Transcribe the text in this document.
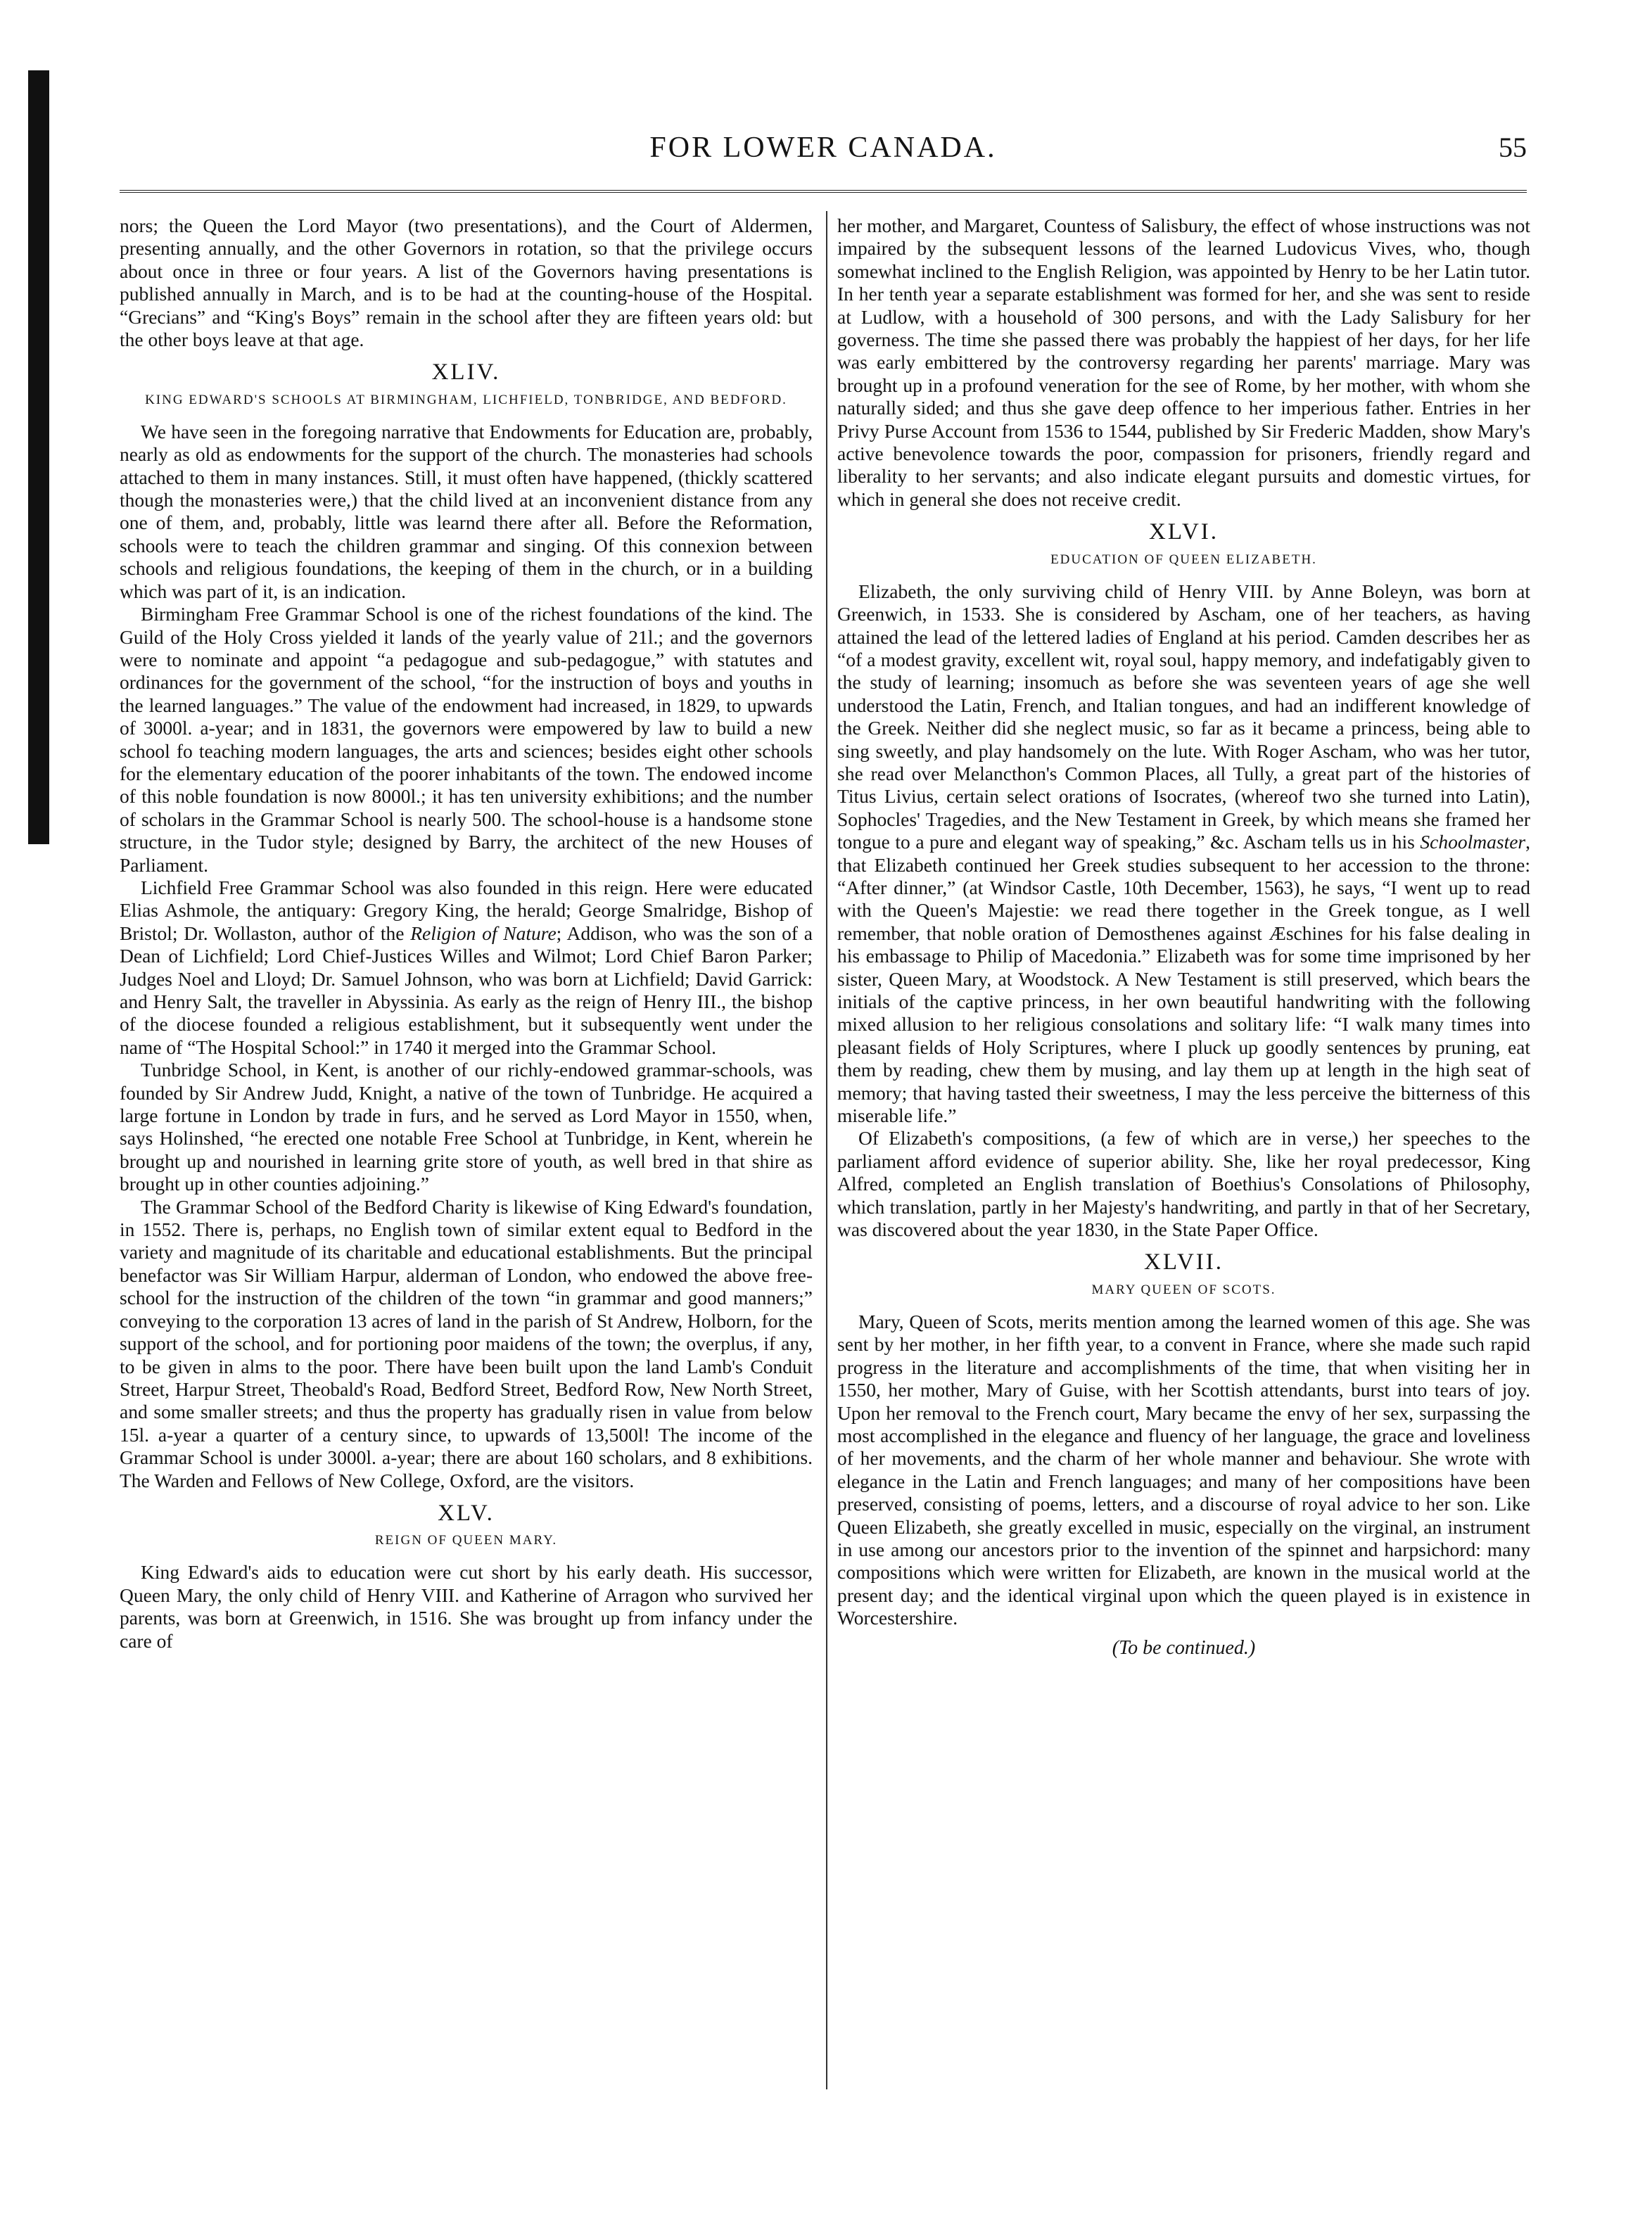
FOR LOWER CANADA.	55

nors; the Queen the Lord Mayor (two presentations), and the Court of Aldermen, presenting annually, and the other Governors in rotation, so that the privilege occurs about once in three or four years. A list of the Governors having presentations is published annually in March, and is to be had at the counting-house of the Hospital. “Grecians” and “King's Boys” remain in the school after they are fifteen years old: but the other boys leave at that age.

XLIV.
KING EDWARD'S SCHOOLS AT BIRMINGHAM, LICHFIELD, TONBRIDGE, AND BEDFORD.

We have seen in the foregoing narrative that Endowments for Education are, probably, nearly as old as endowments for the support of the church. The monasteries had schools attached to them in many instances. Still, it must often have happened, (thickly scattered though the monasteries were,) that the child lived at an inconvenient distance from any one of them, and, probably, little was learnd there after all. Before the Reformation, schools were to teach the children grammar and singing. Of this connexion between schools and religious foundations, the keeping of them in the church, or in a building which was part of it, is an indication.

Birmingham Free Grammar School is one of the richest foundations of the kind. The Guild of the Holy Cross yielded it lands of the yearly value of 21l.; and the governors were to nominate and appoint “a pedagogue and sub-pedagogue,” with statutes and ordinances for the government of the school, “for the instruction of boys and youths in the learned languages.” The value of the endowment had increased, in 1829, to upwards of 3000l. a-year; and in 1831, the governors were empowered by law to build a new school fo teaching modern languages, the arts and sciences; besides eight other schools for the elementary education of the poorer inhabitants of the town. The endowed income of this noble foundation is now 8000l.; it has ten university exhibitions; and the number of scholars in the Grammar School is nearly 500. The school-house is a handsome stone structure, in the Tudor style; designed by Barry, the architect of the new Houses of Parliament.

Lichfield Free Grammar School was also founded in this reign. Here were educated Elias Ashmole, the antiquary: Gregory King, the herald; George Smalridge, Bishop of Bristol; Dr. Wollaston, author of the Religion of Nature; Addison, who was the son of a Dean of Lichfield; Lord Chief-Justices Willes and Wilmot; Lord Chief Baron Parker; Judges Noel and Lloyd; Dr. Samuel Johnson, who was born at Lichfield; David Garrick: and Henry Salt, the traveller in Abyssinia. As early as the reign of Henry III., the bishop of the diocese founded a religious establishment, but it subsequently went under the name of “The Hospital School:” in 1740 it merged into the Grammar School.

Tunbridge School, in Kent, is another of our richly-endowed grammar-schools, was founded by Sir Andrew Judd, Knight, a native of the town of Tunbridge. He acquired a large fortune in London by trade in furs, and he served as Lord Mayor in 1550, when, says Holinshed, “he erected one notable Free School at Tunbridge, in Kent, wherein he brought up and nourished in learning grite store of youth, as well bred in that shire as brought up in other counties adjoining.”

The Grammar School of the Bedford Charity is likewise of King Edward's foundation, in 1552. There is, perhaps, no English town of similar extent equal to Bedford in the variety and magnitude of its charitable and educational establishments. But the principal benefactor was Sir William Harpur, alderman of London, who endowed the above free-school for the instruction of the children of the town “in grammar and good manners;” conveying to the corporation 13 acres of land in the parish of St Andrew, Holborn, for the support of the school, and for portioning poor maidens of the town; the overplus, if any, to be given in alms to the poor. There have been built upon the land Lamb's Conduit Street, Harpur Street, Theobald's Road, Bedford Street, Bedford Row, New North Street, and some smaller streets; and thus the property has gradually risen in value from below 15l. a-year a quarter of a century since, to upwards of 13,500l! The income of the Grammar School is under 3000l. a-year; there are about 160 scholars, and 8 exhibitions. The Warden and Fellows of New College, Oxford, are the visitors.

XLV.
REIGN OF QUEEN MARY.

King Edward's aids to education were cut short by his early death. His successor, Queen Mary, the only child of Henry VIII. and Katherine of Arragon who survived her parents, was born at Greenwich, in 1516. She was brought up from infancy under the care of

her mother, and Margaret, Countess of Salisbury, the effect of whose instructions was not impaired by the subsequent lessons of the learned Ludovicus Vives, who, though somewhat inclined to the English Religion, was appointed by Henry to be her Latin tutor. In her tenth year a separate establishment was formed for her, and she was sent to reside at Ludlow, with a household of 300 persons, and with the Lady Salisbury for her governess. The time she passed there was probably the happiest of her days, for her life was early embittered by the controversy regarding her parents' marriage. Mary was brought up in a profound veneration for the see of Rome, by her mother, with whom she naturally sided; and thus she gave deep offence to her imperious father. Entries in her Privy Purse Account from 1536 to 1544, published by Sir Frederic Madden, show Mary's active benevolence towards the poor, compassion for prisoners, friendly regard and liberality to her servants; and also indicate elegant pursuits and domestic virtues, for which in general she does not receive credit.

XLVI.
EDUCATION OF QUEEN ELIZABETH.

Elizabeth, the only surviving child of Henry VIII. by Anne Boleyn, was born at Greenwich, in 1533. She is considered by Ascham, one of her teachers, as having attained the lead of the lettered ladies of England at his period. Camden describes her as “of a modest gravity, excellent wit, royal soul, happy memory, and indefatigably given to the study of learning; insomuch as before she was seventeen years of age she well understood the Latin, French, and Italian tongues, and had an indifferent knowledge of the Greek. Neither did she neglect music, so far as it became a princess, being able to sing sweetly, and play handsomely on the lute. With Roger Ascham, who was her tutor, she read over Melancthon's Common Places, all Tully, a great part of the histories of Titus Livius, certain select orations of Isocrates, (whereof two she turned into Latin), Sophocles' Tragedies, and the New Testament in Greek, by which means she framed her tongue to a pure and elegant way of speaking,” &c. Ascham tells us in his Schoolmaster, that Elizabeth continued her Greek studies subsequent to her accession to the throne: “After dinner,” (at Windsor Castle, 10th December, 1563), he says, “I went up to read with the Queen's Majestie: we read there together in the Greek tongue, as I well remember, that noble oration of Demosthenes against Æschines for his false dealing in his embassage to Philip of Macedonia.” Elizabeth was for some time imprisoned by her sister, Queen Mary, at Woodstock. A New Testament is still preserved, which bears the initials of the captive princess, in her own beautiful handwriting with the following mixed allusion to her religious consolations and solitary life: “I walk many times into pleasant fields of Holy Scriptures, where I pluck up goodly sentences by pruning, eat them by reading, chew them by musing, and lay them up at length in the high seat of memory; that having tasted their sweetness, I may the less perceive the bitterness of this miserable life.”

Of Elizabeth's compositions, (a few of which are in verse,) her speeches to the parliament afford evidence of superior ability. She, like her royal predecessor, King Alfred, completed an English translation of Boethius's Consolations of Philosophy, which translation, partly in her Majesty's handwriting, and partly in that of her Secretary, was discovered about the year 1830, in the State Paper Office.

XLVII.
MARY QUEEN OF SCOTS.

Mary, Queen of Scots, merits mention among the learned women of this age. She was sent by her mother, in her fifth year, to a convent in France, where she made such rapid progress in the literature and accomplishments of the time, that when visiting her in 1550, her mother, Mary of Guise, with her Scottish attendants, burst into tears of joy. Upon her removal to the French court, Mary became the envy of her sex, surpassing the most accomplished in the elegance and fluency of her language, the grace and loveliness of her movements, and the charm of her whole manner and behaviour. She wrote with elegance in the Latin and French languages; and many of her compositions have been preserved, consisting of poems, letters, and a discourse of royal advice to her son. Like Queen Elizabeth, she greatly excelled in music, especially on the virginal, an instrument in use among our ancestors prior to the invention of the spinnet and harpsichord: many compositions which were written for Elizabeth, are known in the musical world at the present day; and the identical virginal upon which the queen played is in existence in Worcestershire.

(To be continued.)
